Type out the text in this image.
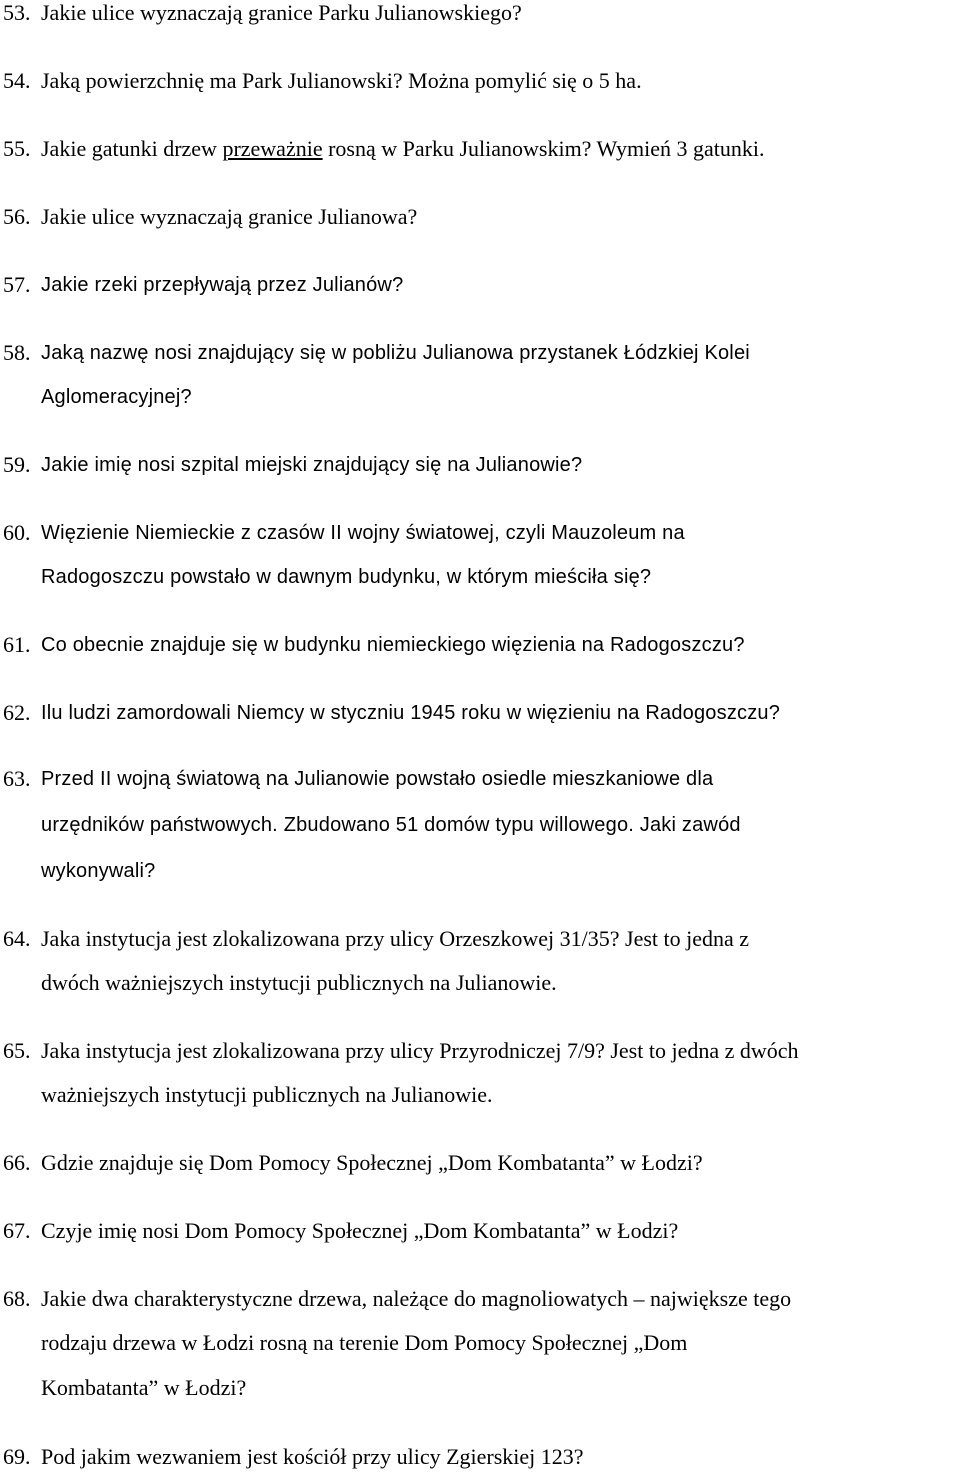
53. Jakie ulice wyznaczają granice Parku Julianowskiego?
54. Jaką powierzchnię ma Park Julianowski? Można pomylić się o 5 ha.
55. Jakie gatunki drzew przeważnie rosną w Parku Julianowskim? Wymień 3 gatunki.
56. Jakie ulice wyznaczają granice Julianowa?
57. Jakie rzeki przepływają przez Julianów?
58. Jaką nazwę nosi znajdujący się w pobliżu Julianowa przystanek Łódzkiej Kolei
Aglomeracyjnej?
59. Jakie imię nosi szpital miejski znajdujący się na Julianowie?
60. Więzienie Niemieckie z czasów II wojny światowej, czyli Mauzoleum na
Radogoszczu powstało w dawnym budynku, w którym mieściła się?
61. Co obecnie znajduje się w budynku niemieckiego więzienia na Radogoszczu?
62. Ilu ludzi zamordowali Niemcy w styczniu 1945 roku w więzieniu na Radogoszczu?
63. Przed II wojną światową na Julianowie powstało osiedle mieszkaniowe dla
urzędników państwowych. Zbudowano 51 domów typu willowego. Jaki zawód
wykonywali?
64. Jaka instytucja jest zlokalizowana przy ulicy Orzeszkowej 31/35? Jest to jedna z
dwóch ważniejszych instytucji publicznych na Julianowie.
65. Jaka instytucja jest zlokalizowana przy ulicy Przyrodniczej 7/9? Jest to jedna z dwóch
ważniejszych instytucji publicznych na Julianowie.
66. Gdzie znajduje się Dom Pomocy Społecznej „Dom Kombatanta” w Łodzi?
67. Czyje imię nosi Dom Pomocy Społecznej „Dom Kombatanta” w Łodzi?
68. Jakie dwa charakterystyczne drzewa, należące do magnoliowatych – największe tego
rodzaju drzewa w Łodzi rosną na terenie Dom Pomocy Społecznej „Dom
Kombatanta” w Łodzi?
69. Pod jakim wezwaniem jest kościół przy ulicy Zgierskiej 123?
